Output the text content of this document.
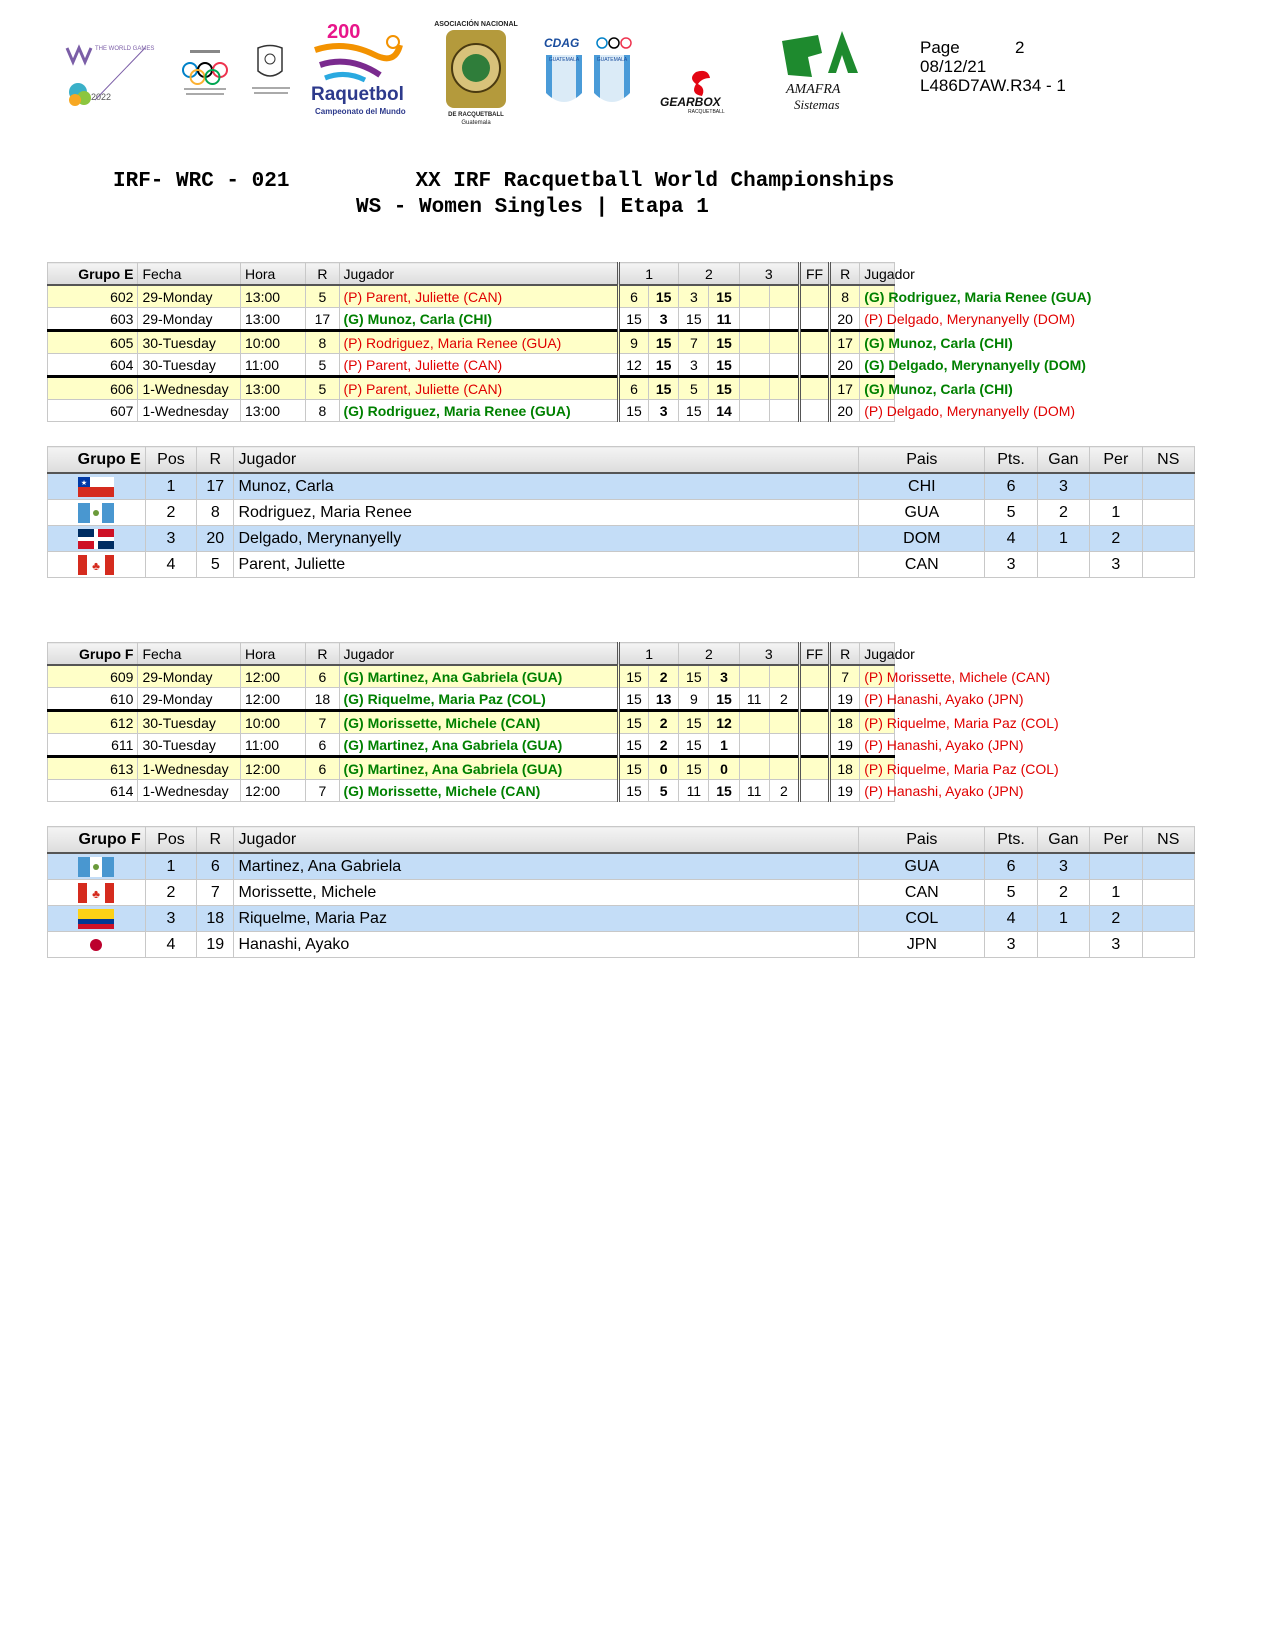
THE WORLD GAMES
2022
200
Raquetbol
Campeonato del Mundo
ASOCIACIÓN NACIONAL
DE RACQUETBALL
Guatemala
CDAG
GUATEMALA	GUATEMALA
GEARBOX
RACQUETBALL
AMAFRA
Sistemas
Page	2
08/12/21
L486D7AW.R34 - 1
IRF- WRC - 021	XX IRF Racquetball World Championships
WS - Women Singles | Etapa 1
Grupo E	Fecha	Hora	R	Jugador	1		2		3		FF	R	Jugador
602	29-Monday	13:00	5	(P) Parent, Juliette (CAN)	6	15	3	15				8	(G) Rodriguez, Maria Renee (GUA)
603	29-Monday	13:00	17	(G) Munoz, Carla (CHI)	15	3	15	11				20	(P) Delgado, Merynanyelly (DOM)
605	30-Tuesday	10:00	8	(P) Rodriguez, Maria Renee (GUA)	9	15	7	15				17	(G) Munoz, Carla (CHI)
604	30-Tuesday	11:00	5	(P) Parent, Juliette (CAN)	12	15	3	15				20	(G) Delgado, Merynanyelly (DOM)
606	1-Wednesday	13:00	5	(P) Parent, Juliette (CAN)	6	15	5	15				17	(G) Munoz, Carla (CHI)
607	1-Wednesday	13:00	8	(G) Rodriguez, Maria Renee (GUA)	15	3	15	14				20	(P) Delgado, Merynanyelly (DOM)
Grupo E	Pos	R	Jugador	Pais	Pts.	Gan	Per	NS

★	1	17	Munoz, Carla	CHI	6	3		

	2	8	Rodriguez, Maria Renee	GUA	5	2	1	

	3	20	Delgado, Merynanyelly	DOM	4	1	2	

♣	4	5	Parent, Juliette	CAN	3		3	
Grupo F	Fecha	Hora	R	Jugador	1		2		3		FF	R	Jugador
609	29-Monday	12:00	6	(G) Martinez, Ana Gabriela (GUA)	15	2	15	3				7	(P) Morissette, Michele (CAN)
610	29-Monday	12:00	18	(G) Riquelme, Maria Paz (COL)	15	13	9	15	11	2		19	(P) Hanashi, Ayako (JPN)
612	30-Tuesday	10:00	7	(G) Morissette, Michele (CAN)	15	2	15	12				18	(P) Riquelme, Maria Paz (COL)
611	30-Tuesday	11:00	6	(G) Martinez, Ana Gabriela (GUA)	15	2	15	1				19	(P) Hanashi, Ayako (JPN)
613	1-Wednesday	12:00	6	(G) Martinez, Ana Gabriela (GUA)	15	0	15	0				18	(P) Riquelme, Maria Paz (COL)
614	1-Wednesday	12:00	7	(G) Morissette, Michele (CAN)	15	5	11	15	11	2		19	(P) Hanashi, Ayako (JPN)
Grupo F	Pos	R	Jugador	Pais	Pts.	Gan	Per	NS

	1	6	Martinez, Ana Gabriela	GUA	6	3		

♣	2	7	Morissette, Michele	CAN	5	2	1	

	3	18	Riquelme, Maria Paz	COL	4	1	2	

	4	19	Hanashi, Ayako	JPN	3		3	
